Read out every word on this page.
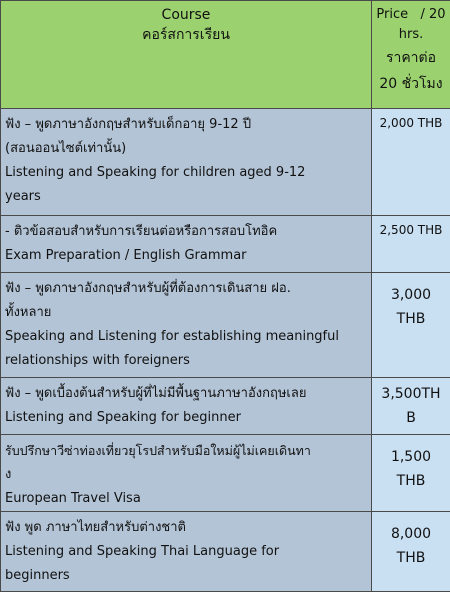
Course
คอร์สการเรียน	Price   / 20
hrs.
ราคาต่อ
20 ชั่วโมง

ฟัง – พูดภาษาอังกฤษสำหรับเด็กอายุ 9-12 ปี
(สอนออนไซต์เท่านั้น)
Listening and Speaking for children aged 9-12
years	2,000 THB

- ติวข้อสอบสำหรับการเรียนต่อหรือการสอบโทอิค
Exam Preparation / English Grammar	2,500 THB

ฟัง – พูดภาษาอังกฤษสำหรับผู้ที่ต้องการเดินสาย ฝอ.
ทั้งหลาย
Speaking and Listening for establishing meaningful
relationships with foreigners	3,000
THB

ฟัง – พูดเบื้องต้นสำหรับผู้ที่ไม่มีพื้นฐานภาษาอังกฤษเลย
Listening and Speaking for beginner	3,500TH
B

รับปรึกษาวีซ่าท่องเที่ยวยุโรปสำหรับมือใหม่ผู้ไม่เคยเดินทา
ง
European Travel Visa	1,500
THB

ฟัง พูด ภาษาไทยสำหรับต่างชาติ
Listening and Speaking Thai Language for
beginners	8,000
THB
